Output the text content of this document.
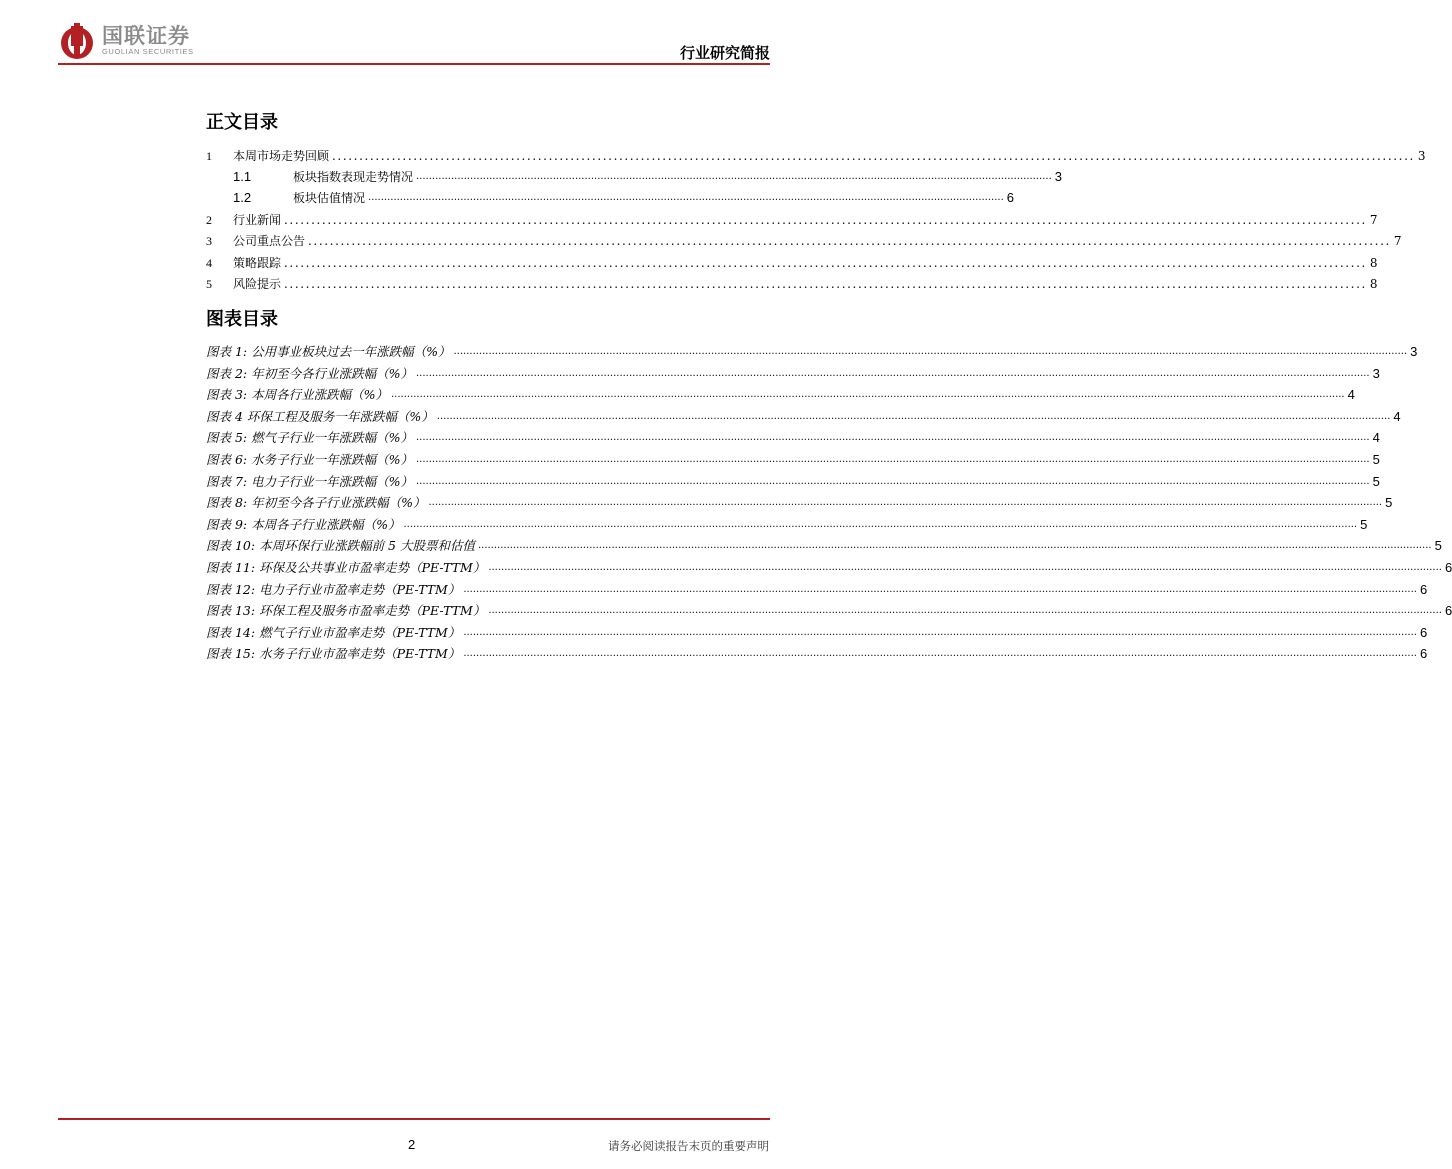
国联证券
GUOLIAN SECURITIES	行业研究简报
正文目录
1	本周市场走势回顾 ........................................................................................................................................................................................................ 3
1.1	板块指数表现走势情况 ........................................................................................................................................................................................................ 3
1.2	板块估值情况 ........................................................................................................................................................................................................ 6
2	行业新闻 ........................................................................................................................................................................................................ 7
3	公司重点公告 ........................................................................................................................................................................................................ 7
4	策略跟踪 ........................................................................................................................................................................................................ 8
5	风险提示 ........................................................................................................................................................................................................ 8
图表目录
图表 1: 公用事业板块过去一年涨跌幅（%） ............................................................................................................................................................................................................................................................................................................ 3
图表 2: 年初至今各行业涨跌幅（%） ............................................................................................................................................................................................................................................................................................................ 3
图表 3: 本周各行业涨跌幅（%） ............................................................................................................................................................................................................................................................................................................ 4
图表 4 环保工程及服务一年涨跌幅（%） ............................................................................................................................................................................................................................................................................................................ 4
图表 5: 燃气子行业一年涨跌幅（%） ............................................................................................................................................................................................................................................................................................................ 4
图表 6: 水务子行业一年涨跌幅（%） ............................................................................................................................................................................................................................................................................................................ 5
图表 7: 电力子行业一年涨跌幅（%） ............................................................................................................................................................................................................................................................................................................ 5
图表 8: 年初至今各子行业涨跌幅（%） ............................................................................................................................................................................................................................................................................................................ 5
图表 9: 本周各子行业涨跌幅（%） ............................................................................................................................................................................................................................................................................................................ 5
图表 10: 本周环保行业涨跌幅前 5 大股票和估值 ............................................................................................................................................................................................................................................................................................................ 5
图表 11: 环保及公共事业市盈率走势（PE-TTM） ............................................................................................................................................................................................................................................................................................................ 6
图表 12: 电力子行业市盈率走势（PE-TTM） ............................................................................................................................................................................................................................................................................................................ 6
图表 13: 环保工程及服务市盈率走势（PE-TTM） ............................................................................................................................................................................................................................................................................................................ 6
图表 14: 燃气子行业市盈率走势（PE-TTM） ............................................................................................................................................................................................................................................................................................................ 6
图表 15: 水务子行业市盈率走势（PE-TTM） ............................................................................................................................................................................................................................................................................................................ 6
2	请务必阅读报告末页的重要声明
